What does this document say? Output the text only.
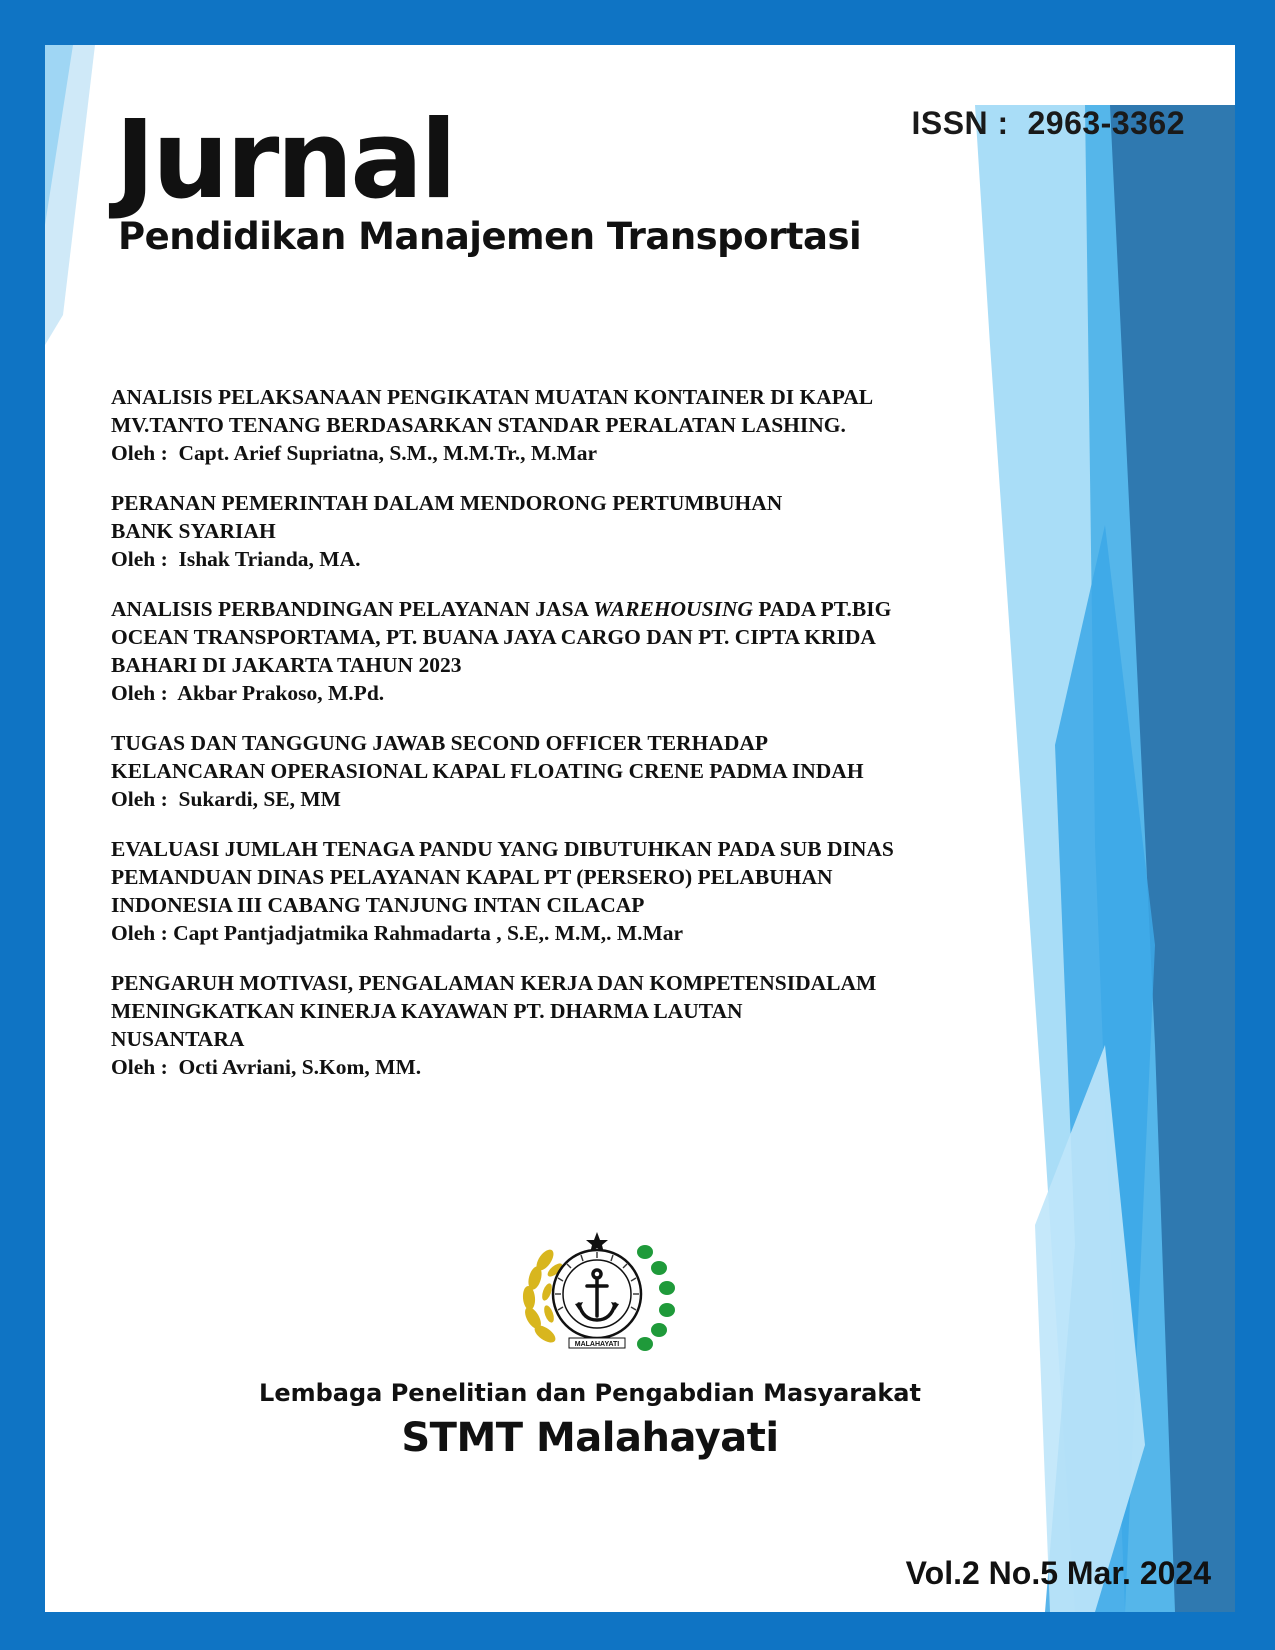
ISSN :  2963-3362
Jurnal
Pendidikan Manajemen Transportasi
ANALISIS PELAKSANAAN PENGIKATAN MUATAN KONTAINER DI KAPAL
MV.TANTO TENANG BERDASARKAN STANDAR PERALATAN LASHING.
Oleh :  Capt. Arief Supriatna, S.M., M.M.Tr., M.Mar
PERANAN PEMERINTAH DALAM MENDORONG PERTUMBUHAN
BANK SYARIAH
Oleh :  Ishak Trianda, MA.
ANALISIS PERBANDINGAN PELAYANAN JASA WAREHOUSING PADA PT.BIG
OCEAN TRANSPORTAMA, PT. BUANA JAYA CARGO DAN PT. CIPTA KRIDA
BAHARI DI JAKARTA TAHUN 2023
Oleh :  Akbar Prakoso, M.Pd.
TUGAS DAN TANGGUNG JAWAB SECOND OFFICER TERHADAP
KELANCARAN OPERASIONAL KAPAL FLOATING CRENE PADMA INDAH
Oleh :  Sukardi, SE, MM
EVALUASI JUMLAH TENAGA PANDU YANG DIBUTUHKAN PADA SUB DINAS
PEMANDUAN DINAS PELAYANAN KAPAL PT (PERSERO) PELABUHAN
INDONESIA III CABANG TANJUNG INTAN CILACAP
Oleh : Capt Pantjadjatmika Rahmadarta , S.E,. M.M,. M.Mar
PENGARUH MOTIVASI, PENGALAMAN KERJA DAN KOMPETENSIDALAM
MENINGKATKAN KINERJA KAYAWAN PT. DHARMA LAUTAN
NUSANTARA
Oleh :  Octi Avriani, S.Kom, MM.
MALAHAYATI
Lembaga Penelitian dan Pengabdian Masyarakat
STMT Malahayati
Vol.2 No.5 Mar. 2024
